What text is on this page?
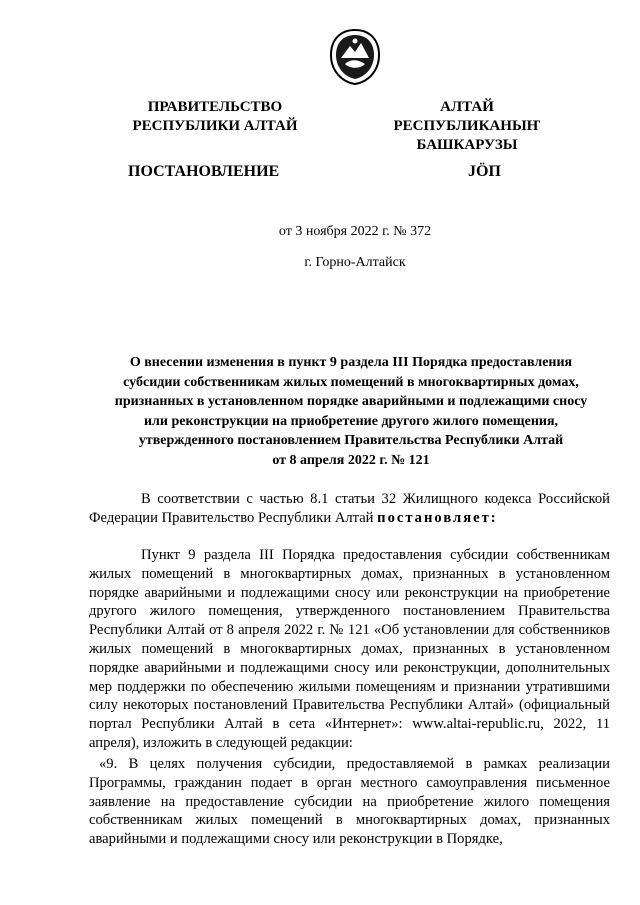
ПРАВИТЕЛЬСТВО
РЕСПУБЛИКИ АЛТАЙ
АЛТАЙ РЕСПУБЛИКАНЫҤ
БАШКАРУЗЫ
ПОСТАНОВЛЕНИЕ	JӦП
от 3 ноября 2022 г. № 372
г. Горно-Алтайск
О внесении изменения в пункт 9 раздела III Порядка предоставления
субсидии собственникам жилых помещений в многоквартирных домах,
признанных в установленном порядке аварийными и подлежащими сносу
или реконструкции на приобретение другого жилого помещения,
утвержденного постановлением Правительства Республики Алтай
от 8 апреля 2022 г. № 121
В соответствии с частью 8.1 статьи 32 Жилищного кодекса Российской Федерации Правительство Республики Алтай постановляет:
Пункт 9 раздела III Порядка предоставления субсидии собственникам жилых помещений в многоквартирных домах, признанных в установленном порядке аварийными и подлежащими сносу или реконструкции на приобретение другого жилого помещения, утвержденного постановлением Правительства Республики Алтай от 8 апреля 2022 г. № 121 «Об установлении для собственников жилых помещений в многоквартирных домах, признанных в установленном порядке аварийными и подлежащими сносу или реконструкции, дополнительных мер поддержки по обеспечению жилыми помещениям и признании утратившими силу некоторых постановлений Правительства Республики Алтай» (официальный портал Республики Алтай в сета «Интернет»: www.altai-republic.ru, 2022, 11 апреля), изложить в следующей редакции:
«9. В целях получения субсидии, предоставляемой в рамках реализации Программы, гражданин подает в орган местного самоуправления письменное заявление на предоставление субсидии на приобретение жилого помещения собственникам жилых помещений в многоквартирных домах, признанных аварийными и подлежащими сносу или реконструкции в Порядке,
